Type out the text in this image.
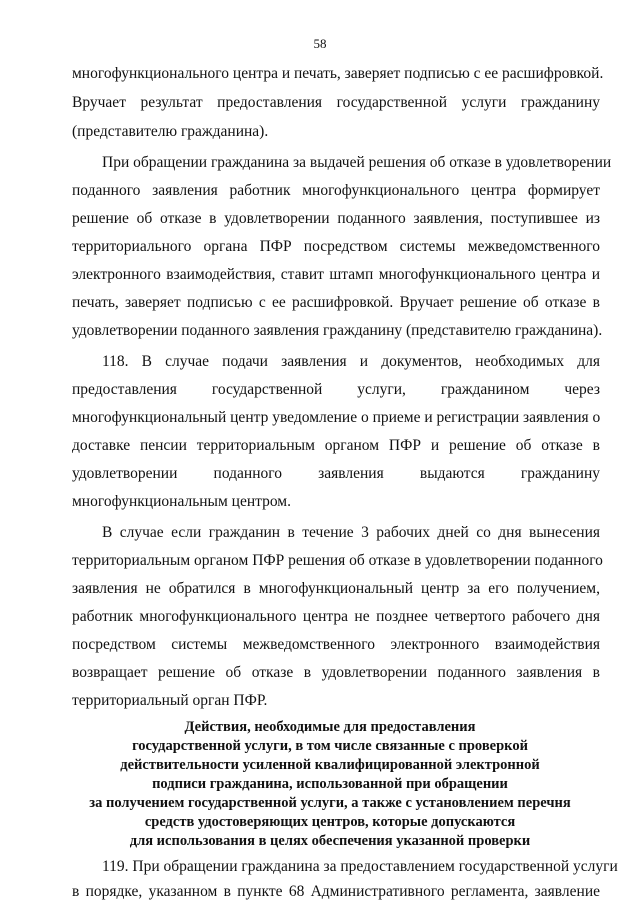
58
многофункционального центра и печать, заверяет подписью с ее расшифровкой.
Вручает результат предоставления государственной услуги гражданину
(представителю гражданина).
При обращении гражданина за выдачей решения об отказе в удовлетворении
поданного заявления работник многофункционального центра формирует
решение об отказе в удовлетворении поданного заявления, поступившее из
территориального органа ПФР посредством системы межведомственного
электронного взаимодействия, ставит штамп многофункционального центра и
печать, заверяет подписью с ее расшифровкой. Вручает решение об отказе в
удовлетворении поданного заявления гражданину (представителю гражданина).
118. В случае подачи заявления и документов, необходимых для
предоставления государственной услуги, гражданином через
многофункциональный центр уведомление о приеме и регистрации заявления о
доставке пенсии территориальным органом ПФР и решение об отказе в
удовлетворении поданного заявления выдаются гражданину
многофункциональным центром.
В случае если гражданин в течение 3 рабочих дней со дня вынесения
территориальным органом ПФР решения об отказе в удовлетворении поданного
заявления не обратился в многофункциональный центр за его получением,
работник многофункционального центра не позднее четвертого рабочего дня
посредством системы межведомственного электронного взаимодействия
возвращает решение об отказе в удовлетворении поданного заявления в
территориальный орган ПФР.
Действия, необходимые для предоставления
государственной услуги, в том числе связанные с проверкой
действительности усиленной квалифицированной электронной
подписи гражданина, использованной при обращении
за получением государственной услуги, а также с установлением перечня
средств удостоверяющих центров, которые допускаются
для использования в целях обеспечения указанной проверки
119. При обращении гражданина за предоставлением государственной услуги
в порядке, указанном в пункте 68 Административного регламента, заявление
